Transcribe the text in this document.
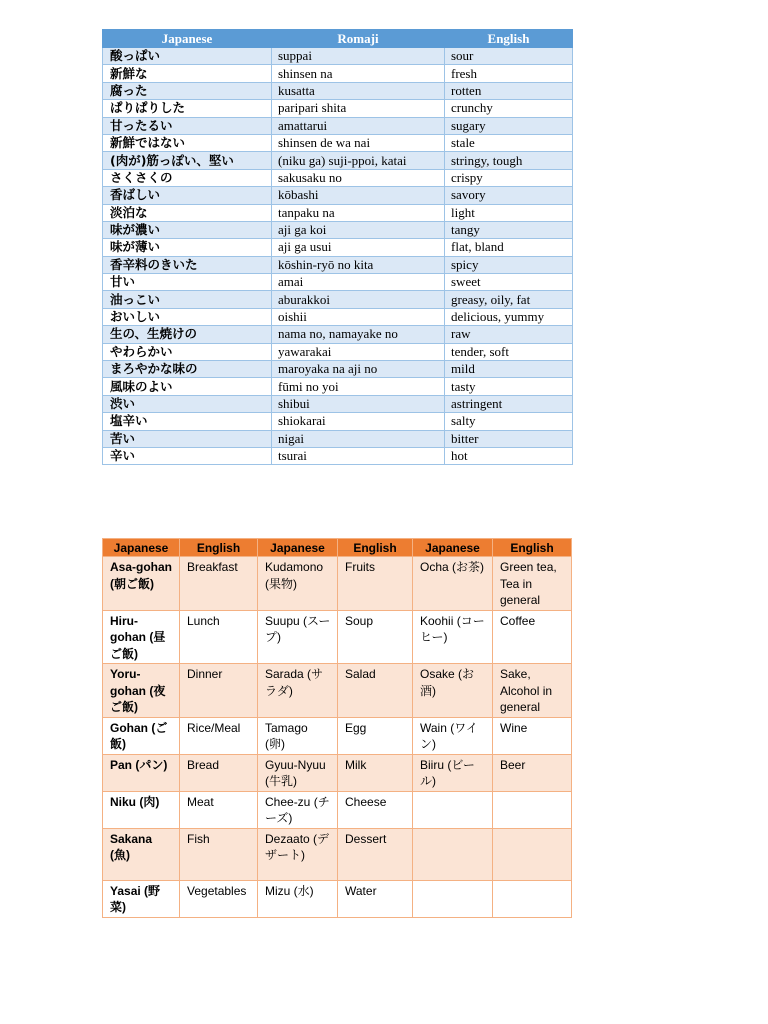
Japanese	Romaji	English
酸っぱい	suppai	sour
新鮮な	shinsen na	fresh
腐った	kusatta	rotten
ぱりぱりした	paripari shita	crunchy
甘ったるい	amattarui	sugary
新鮮ではない	shinsen de wa nai	stale
(肉が)筋っぽい、堅い	(niku ga) suji-ppoi, katai	stringy, tough
さくさくの	sakusaku no	crispy
香ばしい	kōbashi	savory
淡泊な	tanpaku na	light
味が濃い	aji ga koi	tangy
味が薄い	aji ga usui	flat, bland
香辛料のきいた	kōshin-ryō no kita	spicy
甘い	amai	sweet
油っこい	aburakkoi	greasy, oily, fat
おいしい	oishii	delicious, yummy
生の、生焼けの	nama no, namayake no	raw
やわらかい	yawarakai	tender, soft
まろやかな味の	maroyaka na aji no	mild
風味のよい	fūmi no yoi	tasty
渋い	shibui	astringent
塩辛い	shiokarai	salty
苦い	nigai	bitter
辛い	tsurai	hot
Japanese	English	Japanese	English	Japanese	English
Asa-gohan (朝ご飯)	Breakfast	Kudamono (果物)	Fruits	Ocha (お茶)	Green tea, Tea in general
Hiru-gohan (昼ご飯)	Lunch	Suupu (スープ)	Soup	Koohii (コーヒー)	Coffee
Yoru-gohan (夜ご飯)	Dinner	Sarada (サラダ)	Salad	Osake (お酒)	Sake, Alcohol in general
Gohan (ご飯)	Rice/Meal	Tamago (卵)	Egg	Wain (ワイン)	Wine
Pan (パン)	Bread	Gyuu-Nyuu (牛乳)	Milk	Biiru (ビール)	Beer
Niku (肉)	Meat	Chee-zu (チーズ)	Cheese		
Sakana (魚)	Fish	Dezaato (デザート)	Dessert		
Yasai (野菜)	Vegetables	Mizu (水)	Water		
